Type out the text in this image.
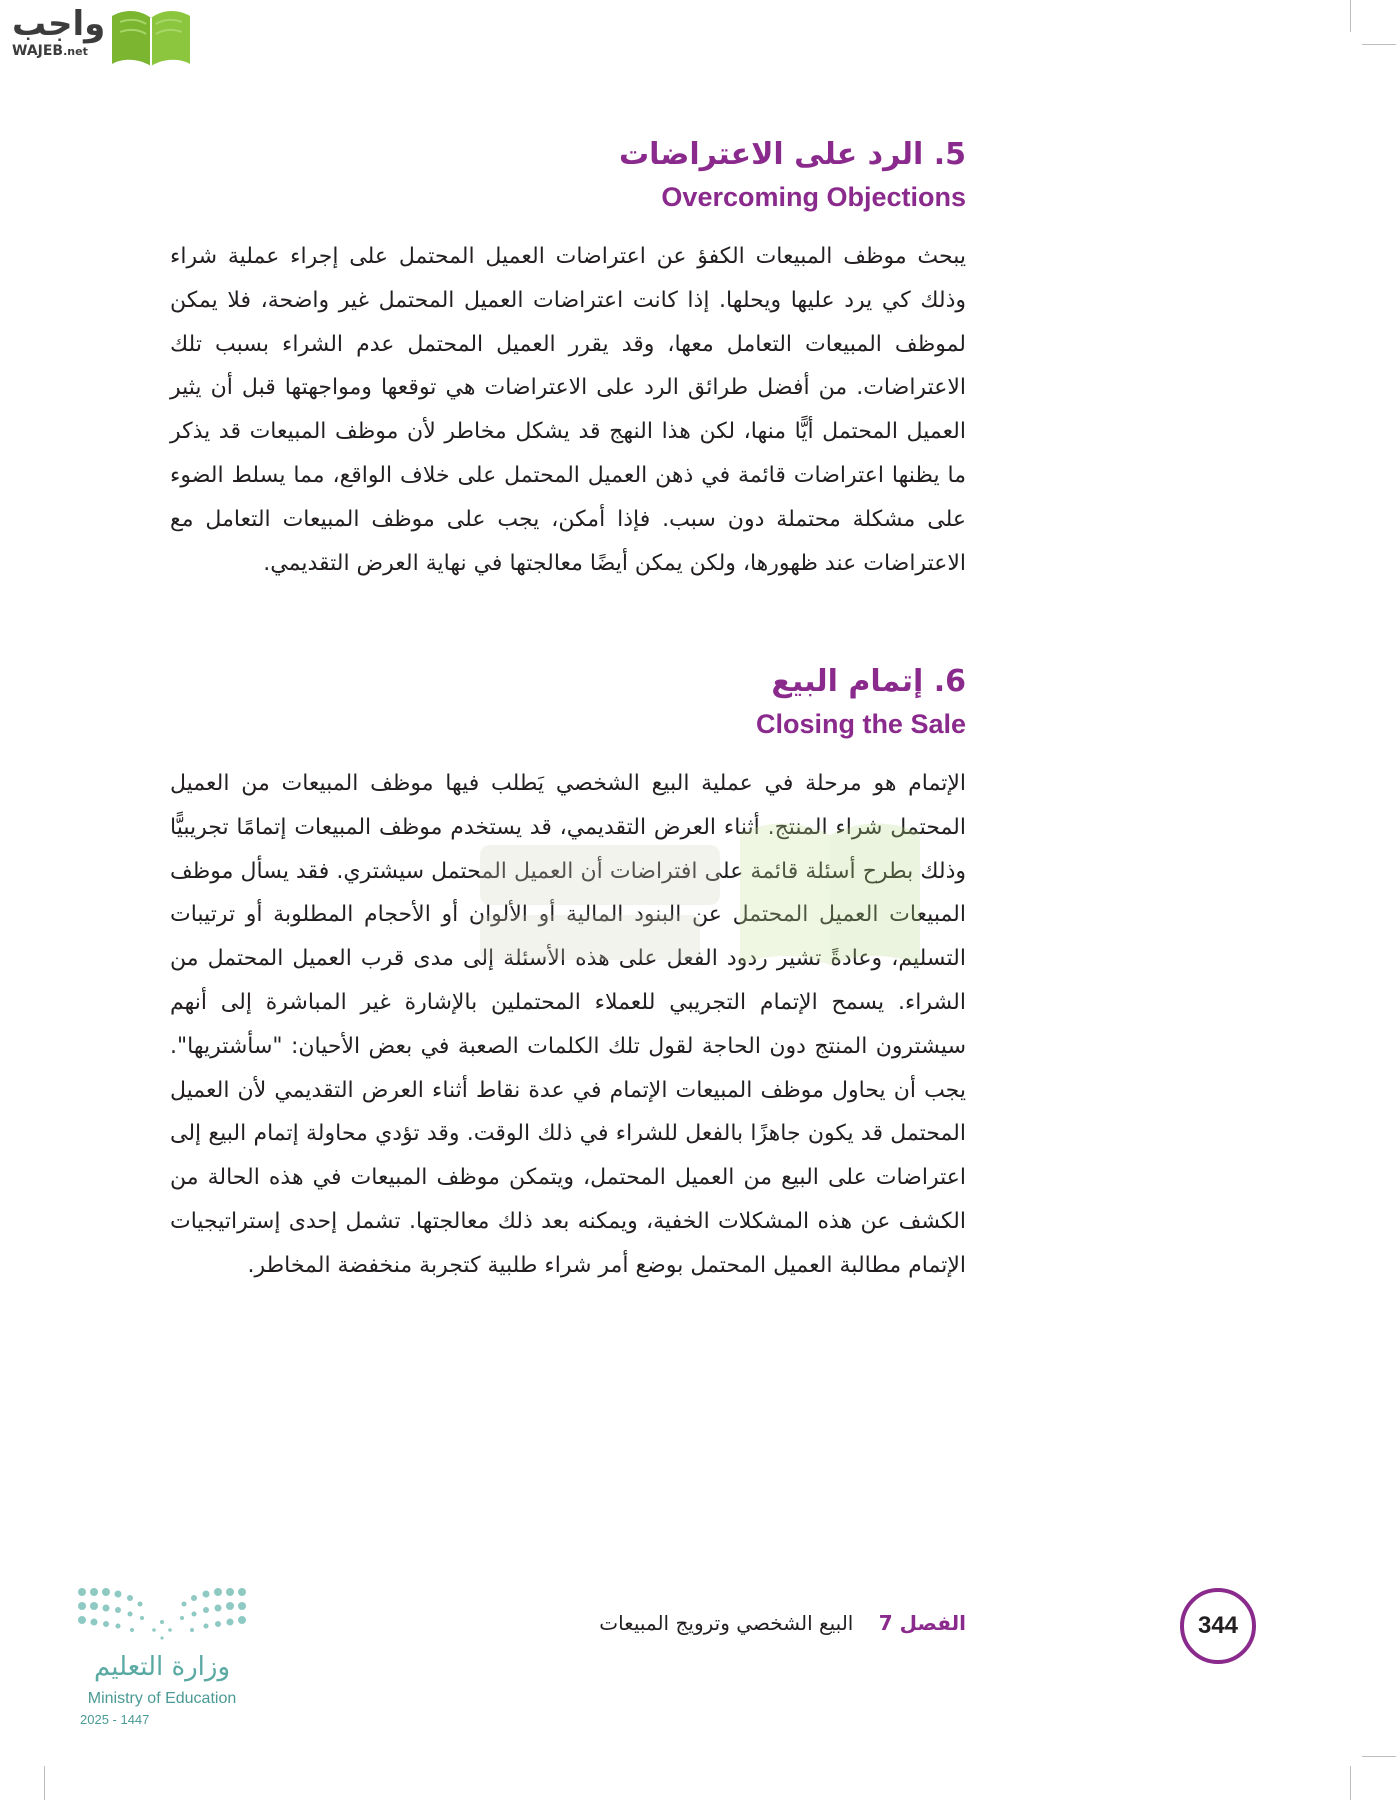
واجب
WAJEB.net
5. الرد على الاعتراضات
Overcoming Objections

يبحث موظف المبيعات الكفؤ عن اعتراضات العميل المحتمل على إجراء عملية شراء وذلك كي يرد عليها ويحلها. إذا كانت اعتراضات العميل المحتمل غير واضحة، فلا يمكن لموظف المبيعات التعامل معها، وقد يقرر العميل المحتمل عدم الشراء بسبب تلك الاعتراضات. من أفضل طرائق الرد على الاعتراضات هي توقعها ومواجهتها قبل أن يثير العميل المحتمل أيًّا منها، لكن هذا النهج قد يشكل مخاطر لأن موظف المبيعات قد يذكر ما يظنها اعتراضات قائمة في ذهن العميل المحتمل على خلاف الواقع، مما يسلط الضوء على مشكلة محتملة دون سبب. فإذا أمكن، يجب على موظف المبيعات التعامل مع الاعتراضات عند ظهورها، ولكن يمكن أيضًا معالجتها في نهاية العرض التقديمي.

6. إتمام البيع
Closing the Sale

الإتمام هو مرحلة في عملية البيع الشخصي يَطلب فيها موظف المبيعات من العميل المحتمل شراء المنتج. أثناء العرض التقديمي، قد يستخدم موظف المبيعات إتمامًا تجريبيًّا وذلك بطرح أسئلة قائمة على افتراضات أن العميل المحتمل سيشتري. فقد يسأل موظف المبيعات العميل المحتمل عن البنود المالية أو الألوان أو الأحجام المطلوبة أو ترتيبات التسليم، وعادةً تشير ردود الفعل على هذه الأسئلة إلى مدى قرب العميل المحتمل من الشراء. يسمح الإتمام التجريبي للعملاء المحتملين بالإشارة غير المباشرة إلى أنهم سيشترون المنتج دون الحاجة لقول تلك الكلمات الصعبة في بعض الأحيان: "سأشتريها". يجب أن يحاول موظف المبيعات الإتمام في عدة نقاط أثناء العرض التقديمي لأن العميل المحتمل قد يكون جاهزًا بالفعل للشراء في ذلك الوقت. وقد تؤدي محاولة إتمام البيع إلى اعتراضات على البيع من العميل المحتمل، ويتمكن موظف المبيعات في هذه الحالة من الكشف عن هذه المشكلات الخفية، ويمكنه بعد ذلك معالجتها. تشمل إحدى إستراتيجيات الإتمام مطالبة العميل المحتمل بوضع أمر شراء طلبية كتجربة منخفضة المخاطر.

344
الفصل 7    البيع الشخصي وترويج المبيعات
وزارة التعليم
Ministry of Education
2025 - 1447
